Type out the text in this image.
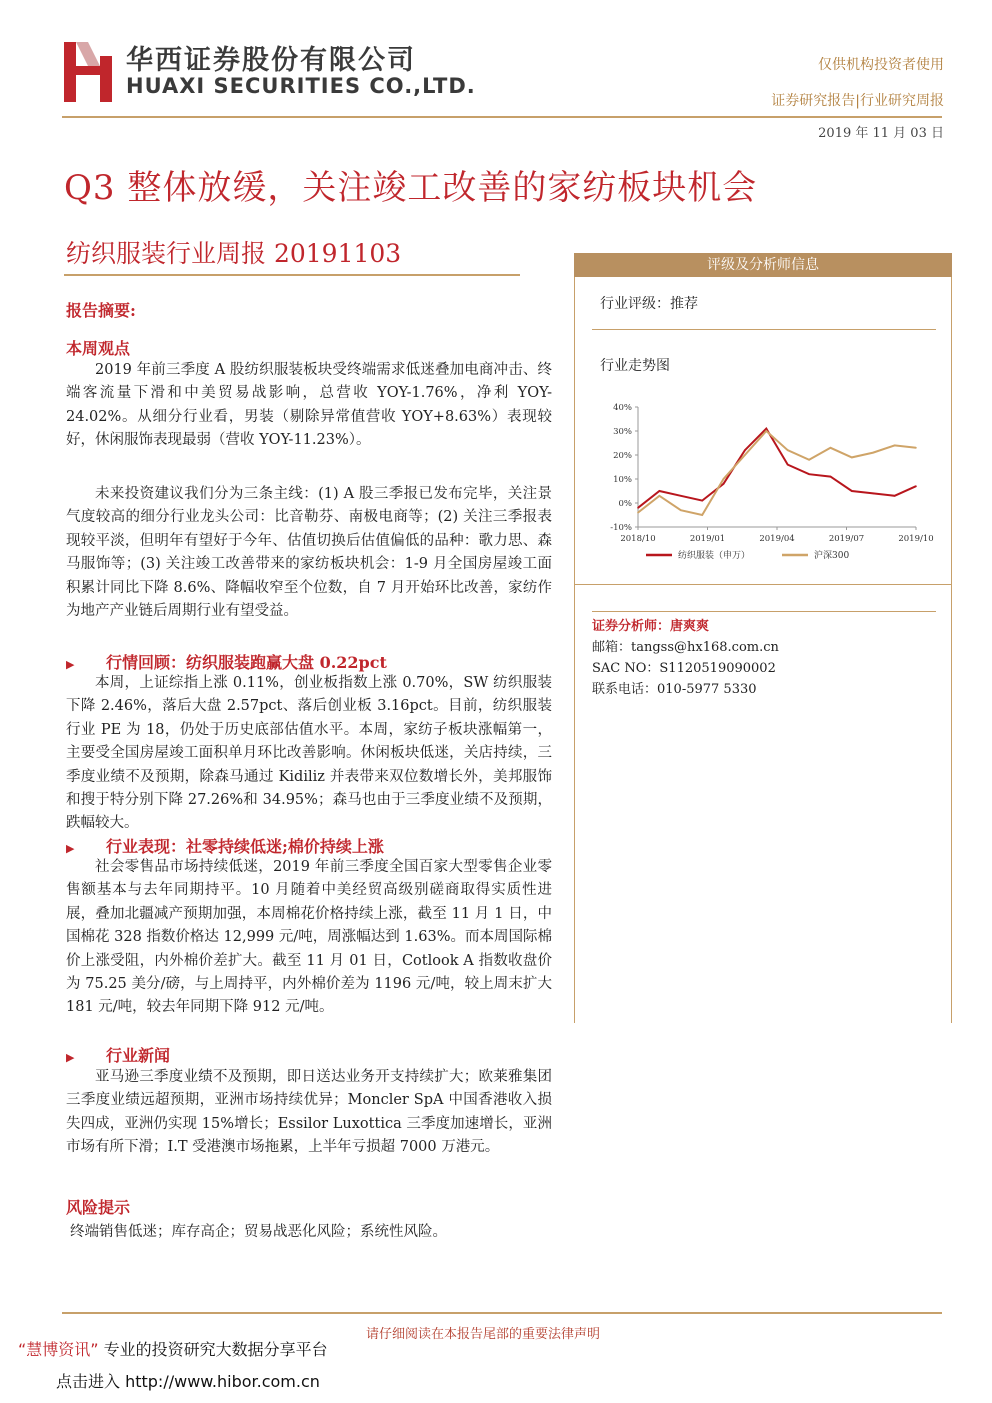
华西证券股份有限公司
HUAXI SECURITIES CO.,LTD.
仅供机构投资者使用
证券研究报告|行业研究周报
2019 年 11 月 03 日
Q3 整体放缓，关注竣工改善的家纺板块机会
纺织服装行业周报 20191103
报告摘要:
本周观点

2019 年前三季度 A 股纺织服装板块受终端需求低迷叠加电商冲击、终端客流量下滑和中美贸易战影响，总营收 YOY-1.76%，净利 YOY-24.02%。从细分行业看，男装（剔除异常值营收 YOY+8.63%）表现较好，休闲服饰表现最弱（营收 YOY-11.23%）。

未来投资建议我们分为三条主线：(1) A 股三季报已发布完毕，关注景气度较高的细分行业龙头公司：比音勒芬、南极电商等；(2) 关注三季报表现较平淡，但明年有望好于今年、估值切换后估值偏低的品种：歌力思、森马服饰等；(3) 关注竣工改善带来的家纺板块机会：1-9 月全国房屋竣工面积累计同比下降 8.6%、降幅收窄至个位数，自 7 月开始环比改善，家纺作为地产产业链后周期行业有望受益。

▶ 行情回顾：纺织服装跑赢大盘 0.22pct

本周，上证综指上涨 0.11%，创业板指数上涨 0.70%，SW 纺织服装下降 2.46%，落后大盘 2.57pct、落后创业板 3.16pct。目前，纺织服装行业 PE 为 18，仍处于历史底部估值水平。本周，家纺子板块涨幅第一，主要受全国房屋竣工面积单月环比改善影响。休闲板块低迷，关店持续，三季度业绩不及预期，除森马通过 Kidiliz 并表带来双位数增长外，美邦服饰和搜于特分别下降 27.26%和 34.95%；森马也由于三季度业绩不及预期，跌幅较大。

▶ 行业表现：社零持续低迷;棉价持续上涨

社会零售品市场持续低迷，2019 年前三季度全国百家大型零售企业零售额基本与去年同期持平。10 月随着中美经贸高级别磋商取得实质性进展，叠加北疆减产预期加强，本周棉花价格持续上涨，截至 11 月 1 日，中国棉花 328 指数价格达 12,999 元/吨，周涨幅达到 1.63%。而本周国际棉价上涨受阻，内外棉价差扩大。截至 11 月 01 日，Cotlook A 指数收盘价为 75.25 美分/磅，与上周持平，内外棉价差为 1196 元/吨，较上周末扩大 181 元/吨，较去年同期下降 912 元/吨。

▶ 行业新闻

亚马逊三季度业绩不及预期，即日送达业务开支持续扩大；欧莱雅集团三季度业绩远超预期，亚洲市场持续优异；Moncler SpA 中国香港收入损失四成，亚洲仍实现 15%增长；Essilor Luxottica 三季度加速增长，亚洲市场有所下滑；I.T 受港澳市场拖累，上半年亏损超 7000 万港元。

风险提示
终端销售低迷；库存高企；贸易战恶化风险；系统性风险。
评级及分析师信息
行业评级：推荐
行业走势图
40%
30%
20%
10%
0%
-10%
2018/10	2019/01	2019/04	2019/07	2019/10
纺织服装（申万）	沪深300
证券分析师：唐爽爽
邮箱：tangss@hx168.com.cn
SAC NO：S1120519090002
联系电话：010-5977 5330
请仔细阅读在本报告尾部的重要法律声明
“慧博资讯” 专业的投资研究大数据分享平台
点击进入 http://www.hibor.com.cn
